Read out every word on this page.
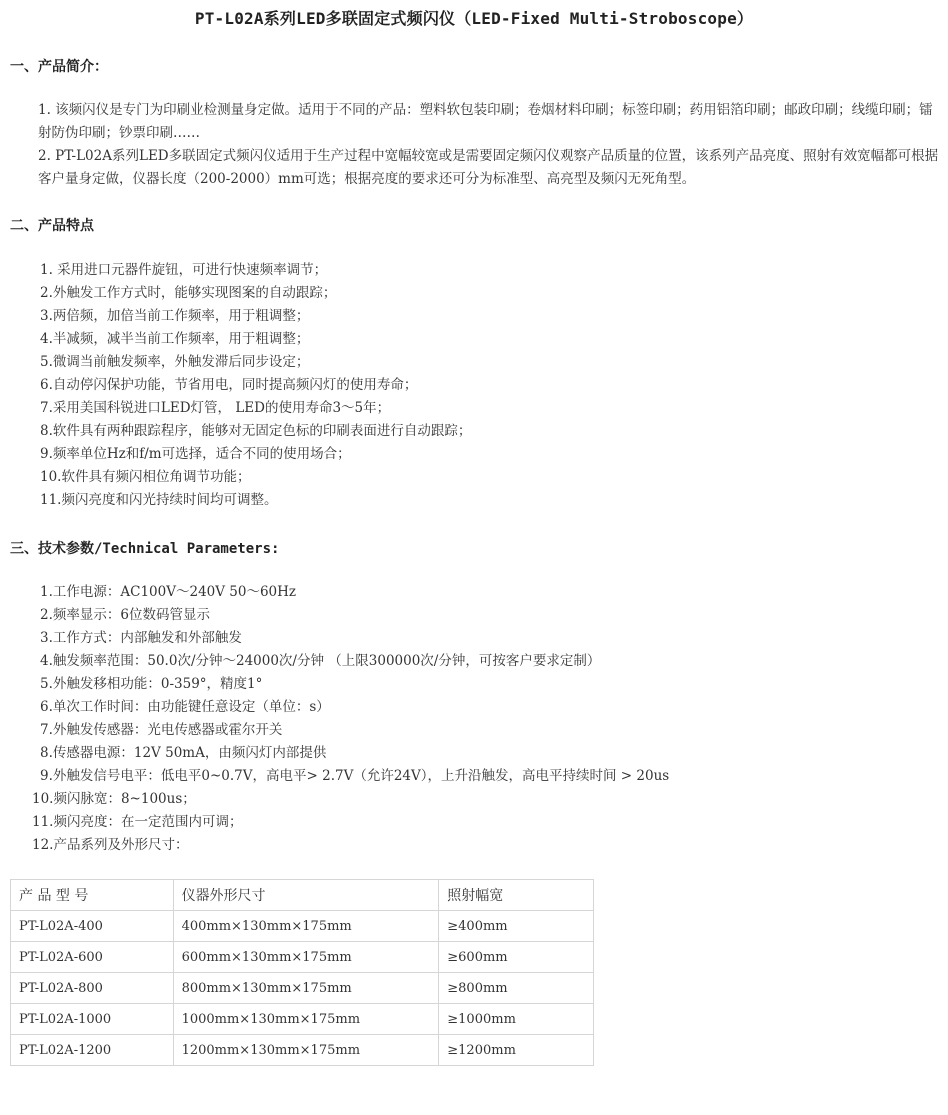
PT-L02A系列LED多联固定式频闪仪（LED-Fixed Multi-Stroboscope）
一、产品简介：
1. 该频闪仪是专门为印刷业检测量身定做。适用于不同的产品：塑料软包装印刷；卷烟材料印刷；标签印刷；药用铝箔印刷；邮政印刷；线缆印刷；镭射防伪印刷；钞票印刷……
2. PT-L02A系列LED多联固定式频闪仪适用于生产过程中宽幅较宽或是需要固定频闪仪观察产品质量的位置，该系列产品亮度、照射有效宽幅都可根据客户量身定做，仪器长度（200-2000）mm可选；根据亮度的要求还可分为标准型、高亮型及频闪无死角型。
二、产品特点
1. 采用进口元器件旋钮，可进行快速频率调节；
2.外触发工作方式时，能够实现图案的自动跟踪；
3.两倍频，加倍当前工作频率，用于粗调整；
4.半减频，减半当前工作频率，用于粗调整；
5.微调当前触发频率，外触发滞后同步设定；
6.自动停闪保护功能，节省用电，同时提高频闪灯的使用寿命；
7.采用美国科锐进口LED灯管， LED的使用寿命3～5年；
8.软件具有两种跟踪程序，能够对无固定色标的印刷表面进行自动跟踪；
9.频率单位Hz和f/m可选择，适合不同的使用场合；
10.软件具有频闪相位角调节功能；
11.频闪亮度和闪光持续时间均可调整。
三、技术参数/Technical Parameters:
1.工作电源：AC100V～240V 50～60Hz
2.频率显示：6位数码管显示
3.工作方式：内部触发和外部触发
4.触发频率范围：50.0次/分钟～24000次/分钟 （上限300000次/分钟，可按客户要求定制）
5.外触发移相功能：0-359°，精度1°
6.单次工作时间：由功能键任意设定（单位：s）
7.外触发传感器：光电传感器或霍尔开关
8.传感器电源：12V 50mA，由频闪灯内部提供
9.外触发信号电平：低电平0~0.7V，高电平> 2.7V（允许24V），上升沿触发，高电平持续时间 > 20us
10.频闪脉宽：8~100us；
11.频闪亮度：在一定范围内可调；
12.产品系列及外形尺寸：
产 品 型 号	仪器外形尺寸	照射幅宽
PT-L02A-400	400mm×130mm×175mm	≥400mm
PT-L02A-600	600mm×130mm×175mm	≥600mm
PT-L02A-800	800mm×130mm×175mm	≥800mm
PT-L02A-1000	1000mm×130mm×175mm	≥1000mm
PT-L02A-1200	1200mm×130mm×175mm	≥1200mm
